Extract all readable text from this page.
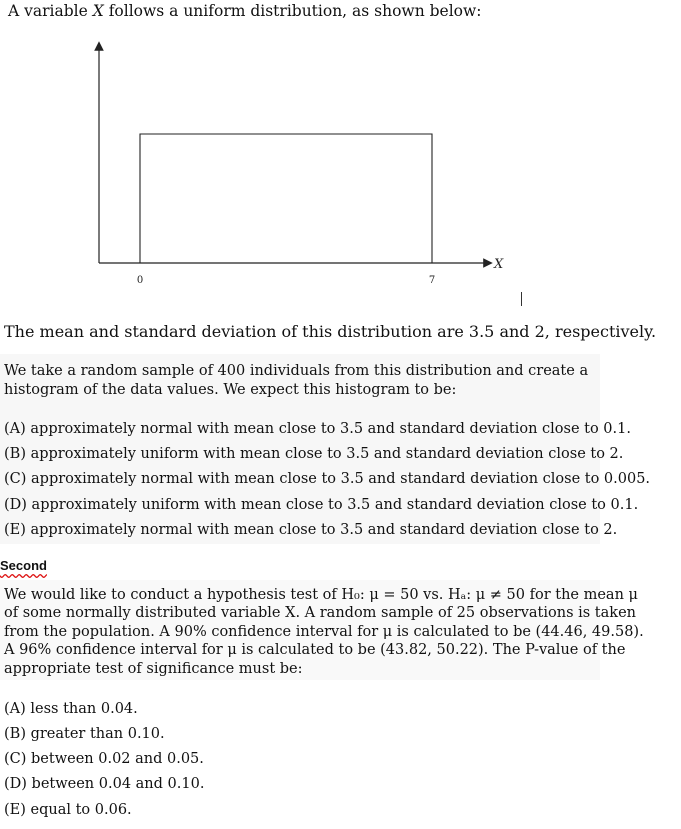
A variable X follows a uniform distribution, as shown below:
X
0	7
The mean and standard deviation of this distribution are 3.5 and 2, respectively.
We take a random sample of 400 individuals from this distribution and create a histogram of the data values. We expect this histogram to be:
(A) approximately normal with mean close to 3.5 and standard deviation close to 0.1.
(B) approximately uniform with mean close to 3.5 and standard deviation close to 2.
(C) approximately normal with mean close to 3.5 and standard deviation close to 0.005.
(D) approximately uniform with mean close to 3.5 and standard deviation close to 0.1.
(E) approximately normal with mean close to 3.5 and standard deviation close to 2.
Second
We would like to conduct a hypothesis test of H₀: μ = 50 vs. Hₐ: μ ≠ 50 for the mean μ
of some normally distributed variable X. A random sample of 25 observations is taken
from the population. A 90% confidence interval for μ is calculated to be (44.46, 49.58).
A 96% confidence interval for μ is calculated to be (43.82, 50.22). The P-value of the
appropriate test of significance must be:
(A) less than 0.04.
(B) greater than 0.10.
(C) between 0.02 and 0.05.
(D) between 0.04 and 0.10.
(E) equal to 0.06.
